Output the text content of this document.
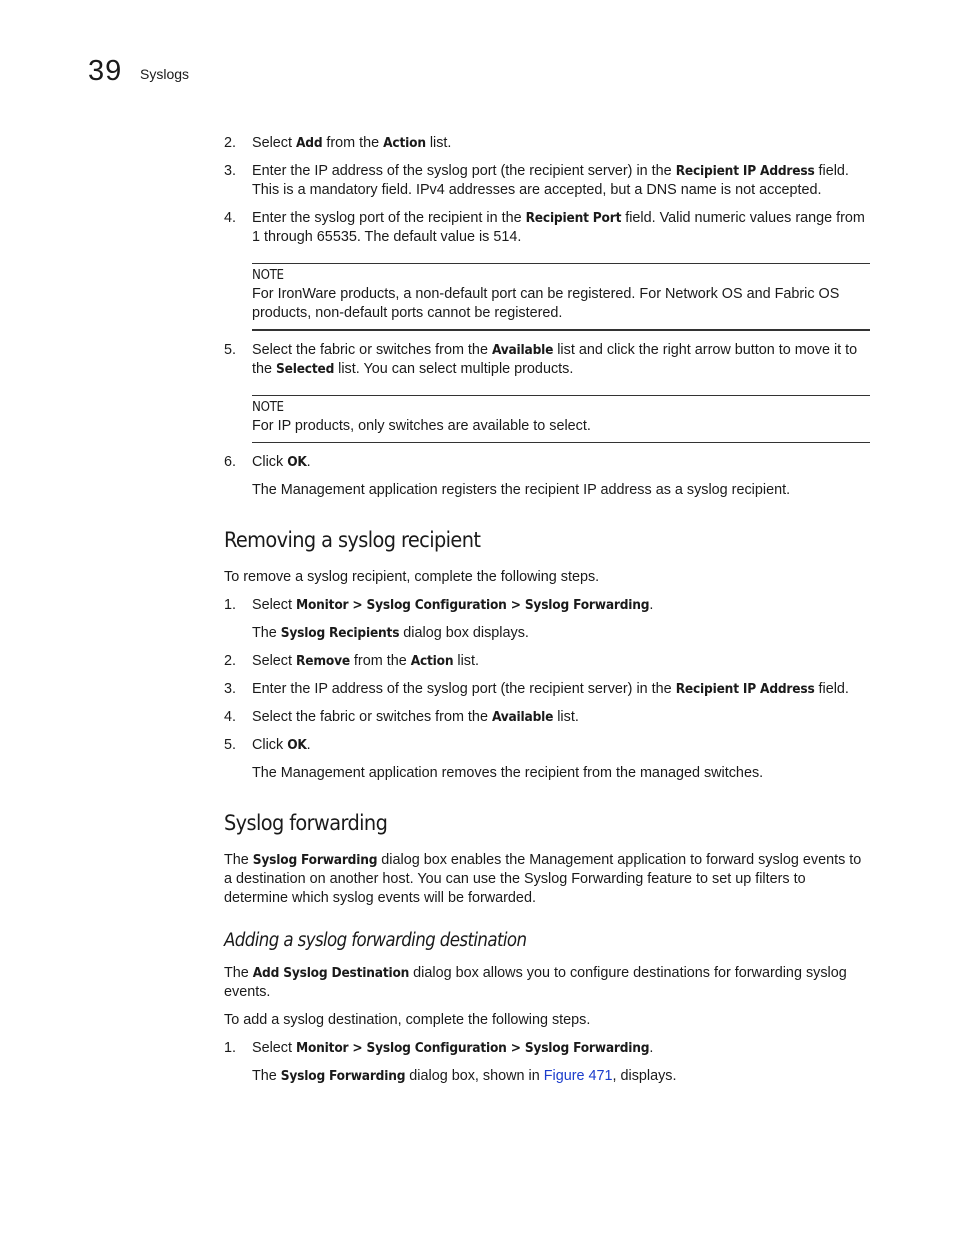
39 Syslogs
2. Select Add from the Action list.
3. Enter the IP address of the syslog port (the recipient server) in the Recipient IP Address field. This is a mandatory field. IPv4 addresses are accepted, but a DNS name is not accepted.
4. Enter the syslog port of the recipient in the Recipient Port field. Valid numeric values range from 1 through 65535. The default value is 514.
NOTE
For IronWare products, a non-default port can be registered. For Network OS and Fabric OS products, non-default ports cannot be registered.
5. Select the fabric or switches from the Available list and click the right arrow button to move it to the Selected list. You can select multiple products.
NOTE
For IP products, only switches are available to select.
6. Click OK.

The Management application registers the recipient IP address as a syslog recipient.

Removing a syslog recipient

To remove a syslog recipient, complete the following steps.

1. Select Monitor > Syslog Configuration > Syslog Forwarding.

The Syslog Recipients dialog box displays.

2. Select Remove from the Action list.
3. Enter the IP address of the syslog port (the recipient server) in the Recipient IP Address field.
4. Select the fabric or switches from the Available list.
5. Click OK.

The Management application removes the recipient from the managed switches.

Syslog forwarding

The Syslog Forwarding dialog box enables the Management application to forward syslog events to a destination on another host. You can use the Syslog Forwarding feature to set up filters to determine which syslog events will be forwarded.

Adding a syslog forwarding destination

The Add Syslog Destination dialog box allows you to configure destinations for forwarding syslog events.

To add a syslog destination, complete the following steps.

1. Select Monitor > Syslog Configuration > Syslog Forwarding.

The Syslog Forwarding dialog box, shown in Figure 471, displays.
